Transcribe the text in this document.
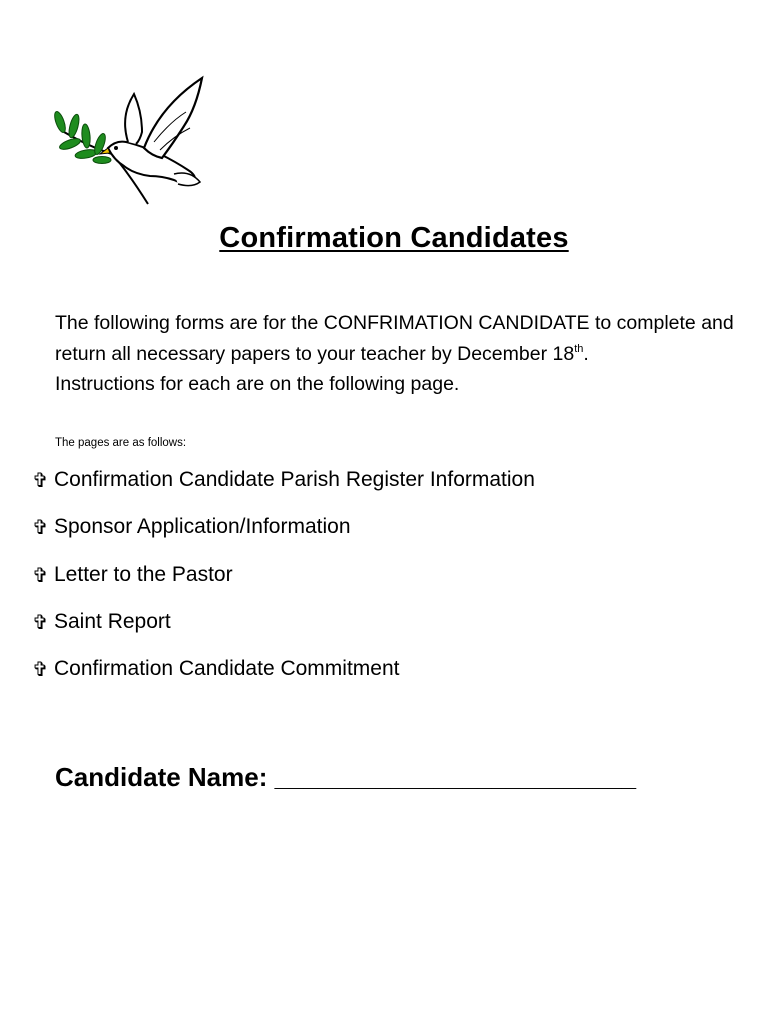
Confirmation Candidates
The following forms are for the CONFRIMATION CANDIDATE to complete and return all necessary papers to your teacher by December 18th.
Instructions for each are on the following page.
The pages are as follows:
✞ Confirmation Candidate Parish Register Information
✞ Sponsor Application/Information
✞ Letter to the Pastor
✞ Saint Report
✞ Confirmation Candidate Commitment
Candidate Name: _________________________
